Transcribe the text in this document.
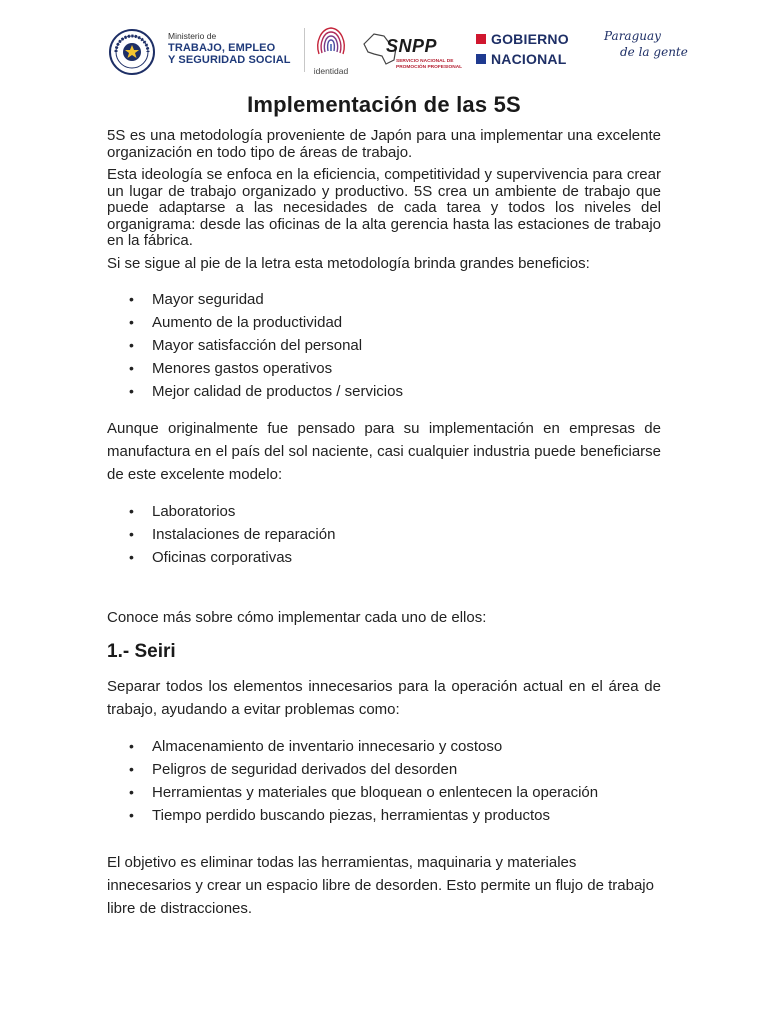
Ministerio de
TRABAJO, EMPLEO
Y SEGURIDAD SOCIAL
identidad
SNPP
SERVICIO NACIONAL DE PROMOCIÓN PROFESIONAL
GOBIERNO
NACIONAL
Paraguay
de la gente
Implementación de las 5S

5S es una metodología proveniente de Japón para una implementar una excelente organización en todo tipo de áreas de trabajo.

Esta ideología se enfoca en la eficiencia, competitividad y supervivencia para crear un lugar de trabajo organizado y productivo. 5S crea un ambiente de trabajo que puede adaptarse a las necesidades de cada tarea y todos los niveles del organigrama: desde las oficinas de la alta gerencia hasta las estaciones de trabajo en la fábrica.

Si se sigue al pie de la letra esta metodología brinda grandes beneficios:

• Mayor seguridad
• Aumento de la productividad
• Mayor satisfacción del personal
• Menores gastos operativos
• Mejor calidad de productos / servicios

Aunque originalmente fue pensado para su implementación en empresas de manufactura en el país del sol naciente, casi cualquier industria puede beneficiarse de este excelente modelo:

• Laboratorios
• Instalaciones de reparación
• Oficinas corporativas

Conoce más sobre cómo implementar cada uno de ellos:

1.- Seiri

Separar todos los elementos innecesarios para la operación actual en el área de trabajo, ayudando a evitar problemas como:

• Almacenamiento de inventario innecesario y costoso
• Peligros de seguridad derivados del desorden
• Herramientas y materiales que bloquean o enlentecen la operación
• Tiempo perdido buscando piezas, herramientas y productos

El objetivo es eliminar todas las herramientas, maquinaria y materiales innecesarios y crear un espacio libre de desorden. Esto permite un flujo de trabajo libre de distracciones.
